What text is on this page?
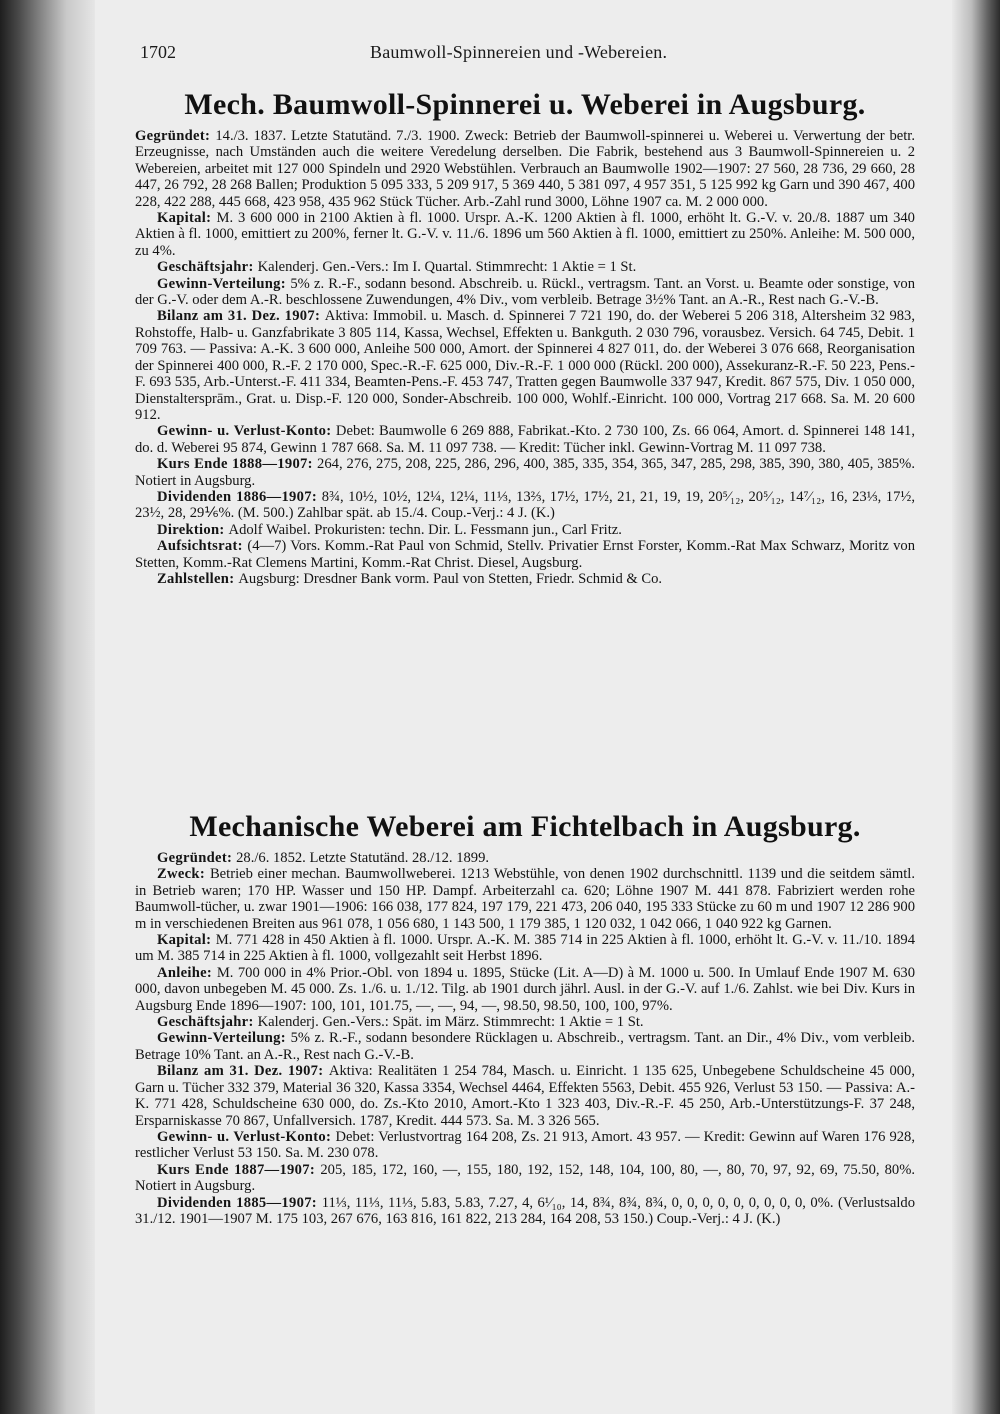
1702	Baumwoll-Spinnereien und -Webereien.
Mech. Baumwoll-Spinnerei u. Weberei in Augsburg.

Gegründet: 14./3. 1837. Letzte Statutänd. 7./3. 1900. Zweck: Betrieb der Baumwoll-spinnerei u. Weberei u. Verwertung der betr. Erzeugnisse, nach Umständen auch die weitere Veredelung derselben. Die Fabrik, bestehend aus 3 Baumwoll-Spinnereien u. 2 Webereien, arbeitet mit 127 000 Spindeln und 2920 Webstühlen. Verbrauch an Baumwolle 1902—1907: 27 560, 28 736, 29 660, 28 447, 26 792, 28 268 Ballen; Produktion 5 095 333, 5 209 917, 5 369 440, 5 381 097, 4 957 351, 5 125 992 kg Garn und 390 467, 400 228, 422 288, 445 668, 423 958, 435 962 Stück Tücher. Arb.-Zahl rund 3000, Löhne 1907 ca. M. 2 000 000.

Kapital: M. 3 600 000 in 2100 Aktien à fl. 1000. Urspr. A.-K. 1200 Aktien à fl. 1000, erhöht lt. G.-V. v. 20./8. 1887 um 340 Aktien à fl. 1000, emittiert zu 200%, ferner lt. G.-V. v. 11./6. 1896 um 560 Aktien à fl. 1000, emittiert zu 250%. Anleihe: M. 500 000, zu 4%.

Geschäftsjahr: Kalenderj. Gen.-Vers.: Im I. Quartal. Stimmrecht: 1 Aktie = 1 St.

Gewinn-Verteilung: 5% z. R.-F., sodann besond. Abschreib. u. Rückl., vertragsm. Tant. an Vorst. u. Beamte oder sonstige, von der G.-V. oder dem A.-R. beschlossene Zuwendungen, 4% Div., vom verbleib. Betrage 3½% Tant. an A.-R., Rest nach G.-V.-B.

Bilanz am 31. Dez. 1907: Aktiva: Immobil. u. Masch. d. Spinnerei 7 721 190, do. der Weberei 5 206 318, Altersheim 32 983, Rohstoffe, Halb- u. Ganzfabrikate 3 805 114, Kassa, Wechsel, Effekten u. Bankguth. 2 030 796, vorausbez. Versich. 64 745, Debit. 1 709 763. — Passiva: A.-K. 3 600 000, Anleihe 500 000, Amort. der Spinnerei 4 827 011, do. der Weberei 3 076 668, Reorganisation der Spinnerei 400 000, R.-F. 2 170 000, Spec.-R.-F. 625 000, Div.-R.-F. 1 000 000 (Rückl. 200 000), Assekuranz-R.-F. 50 223, Pens.-F. 693 535, Arb.-Unterst.-F. 411 334, Beamten-Pens.-F. 453 747, Tratten gegen Baumwolle 337 947, Kredit. 867 575, Div. 1 050 000, Dienstaltersprām., Grat. u. Disp.-F. 120 000, Sonder-Abschreib. 100 000, Wohlf.-Einricht. 100 000, Vortrag 217 668. Sa. M. 20 600 912.

Gewinn- u. Verlust-Konto: Debet: Baumwolle 6 269 888, Fabrikat.-Kto. 2 730 100, Zs. 66 064, Amort. d. Spinnerei 148 141, do. d. Weberei 95 874, Gewinn 1 787 668. Sa. M. 11 097 738. — Kredit: Tücher inkl. Gewinn-Vortrag M. 11 097 738.

Kurs Ende 1888—1907: 264, 276, 275, 208, 225, 286, 296, 400, 385, 335, 354, 365, 347, 285, 298, 385, 390, 380, 405, 385%. Notiert in Augsburg.

Dividenden 1886—1907: 8¾, 10½, 10½, 12¼, 12¼, 11⅓, 13⅔, 17½, 17½, 21, 21, 19, 19, 20⁵⁄₁₂, 20⁵⁄₁₂, 14⁷⁄₁₂, 16, 23⅓, 17½, 23½, 28, 29⅙%. (M. 500.) Zahlbar spät. ab 15./4. Coup.-Verj.: 4 J. (K.)

Direktion: Adolf Waibel. Prokuristen: techn. Dir. L. Fessmann jun., Carl Fritz.

Aufsichtsrat: (4—7) Vors. Komm.-Rat Paul von Schmid, Stellv. Privatier Ernst Forster, Komm.-Rat Max Schwarz, Moritz von Stetten, Komm.-Rat Clemens Martini, Komm.-Rat Christ. Diesel, Augsburg.

Zahlstellen: Augsburg: Dresdner Bank vorm. Paul von Stetten, Friedr. Schmid & Co.

Mechanische Weberei am Fichtelbach in Augsburg.

Gegründet: 28./6. 1852. Letzte Statutänd. 28./12. 1899.

Zweck: Betrieb einer mechan. Baumwollweberei. 1213 Webstühle, von denen 1902 durchschnittl. 1139 und die seitdem sämtl. in Betrieb waren; 170 HP. Wasser und 150 HP. Dampf. Arbeiterzahl ca. 620; Löhne 1907 M. 441 878. Fabriziert werden rohe Baumwoll-tücher, u. zwar 1901—1906: 166 038, 177 824, 197 179, 221 473, 206 040, 195 333 Stücke zu 60 m und 1907 12 286 900 m in verschiedenen Breiten aus 961 078, 1 056 680, 1 143 500, 1 179 385, 1 120 032, 1 042 066, 1 040 922 kg Garnen.

Kapital: M. 771 428 in 450 Aktien à fl. 1000. Urspr. A.-K. M. 385 714 in 225 Aktien à fl. 1000, erhöht lt. G.-V. v. 11./10. 1894 um M. 385 714 in 225 Aktien à fl. 1000, vollgezahlt seit Herbst 1896.

Anleihe: M. 700 000 in 4% Prior.-Obl. von 1894 u. 1895, Stücke (Lit. A—D) à M. 1000 u. 500. In Umlauf Ende 1907 M. 630 000, davon unbegeben M. 45 000. Zs. 1./6. u. 1./12. Tilg. ab 1901 durch jährl. Ausl. in der G.-V. auf 1./6. Zahlst. wie bei Div. Kurs in Augsburg Ende 1896—1907: 100, 101, 101.75, —, —, 94, —, 98.50, 98.50, 100, 100, 97%.

Geschäftsjahr: Kalenderj. Gen.-Vers.: Spät. im März. Stimmrecht: 1 Aktie = 1 St.

Gewinn-Verteilung: 5% z. R.-F., sodann besondere Rücklagen u. Abschreib., vertragsm. Tant. an Dir., 4% Div., vom verbleib. Betrage 10% Tant. an A.-R., Rest nach G.-V.-B.

Bilanz am 31. Dez. 1907: Aktiva: Realitäten 1 254 784, Masch. u. Einricht. 1 135 625, Unbegebene Schuldscheine 45 000, Garn u. Tücher 332 379, Material 36 320, Kassa 3354, Wechsel 4464, Effekten 5563, Debit. 455 926, Verlust 53 150. — Passiva: A.-K. 771 428, Schuldscheine 630 000, do. Zs.-Kto 2010, Amort.-Kto 1 323 403, Div.-R.-F. 45 250, Arb.-Unterstützungs-F. 37 248, Ersparniskasse 70 867, Unfallversich. 1787, Kredit. 444 573. Sa. M. 3 326 565.

Gewinn- u. Verlust-Konto: Debet: Verlustvortrag 164 208, Zs. 21 913, Amort. 43 957. — Kredit: Gewinn auf Waren 176 928, restlicher Verlust 53 150. Sa. M. 230 078.

Kurs Ende 1887—1907: 205, 185, 172, 160, —, 155, 180, 192, 152, 148, 104, 100, 80, —, 80, 70, 97, 92, 69, 75.50, 80%. Notiert in Augsburg.

Dividenden 1885—1907: 11⅓, 11⅓, 11⅓, 5.83, 5.83, 7.27, 4, 6¹⁄₁₀, 14, 8¾, 8¾, 8¾, 0, 0, 0, 0, 0, 0, 0, 0, 0, 0%. (Verlustsaldo 31./12. 1901—1907 M. 175 103, 267 676, 163 816, 161 822, 213 284, 164 208, 53 150.) Coup.-Verj.: 4 J. (K.)
